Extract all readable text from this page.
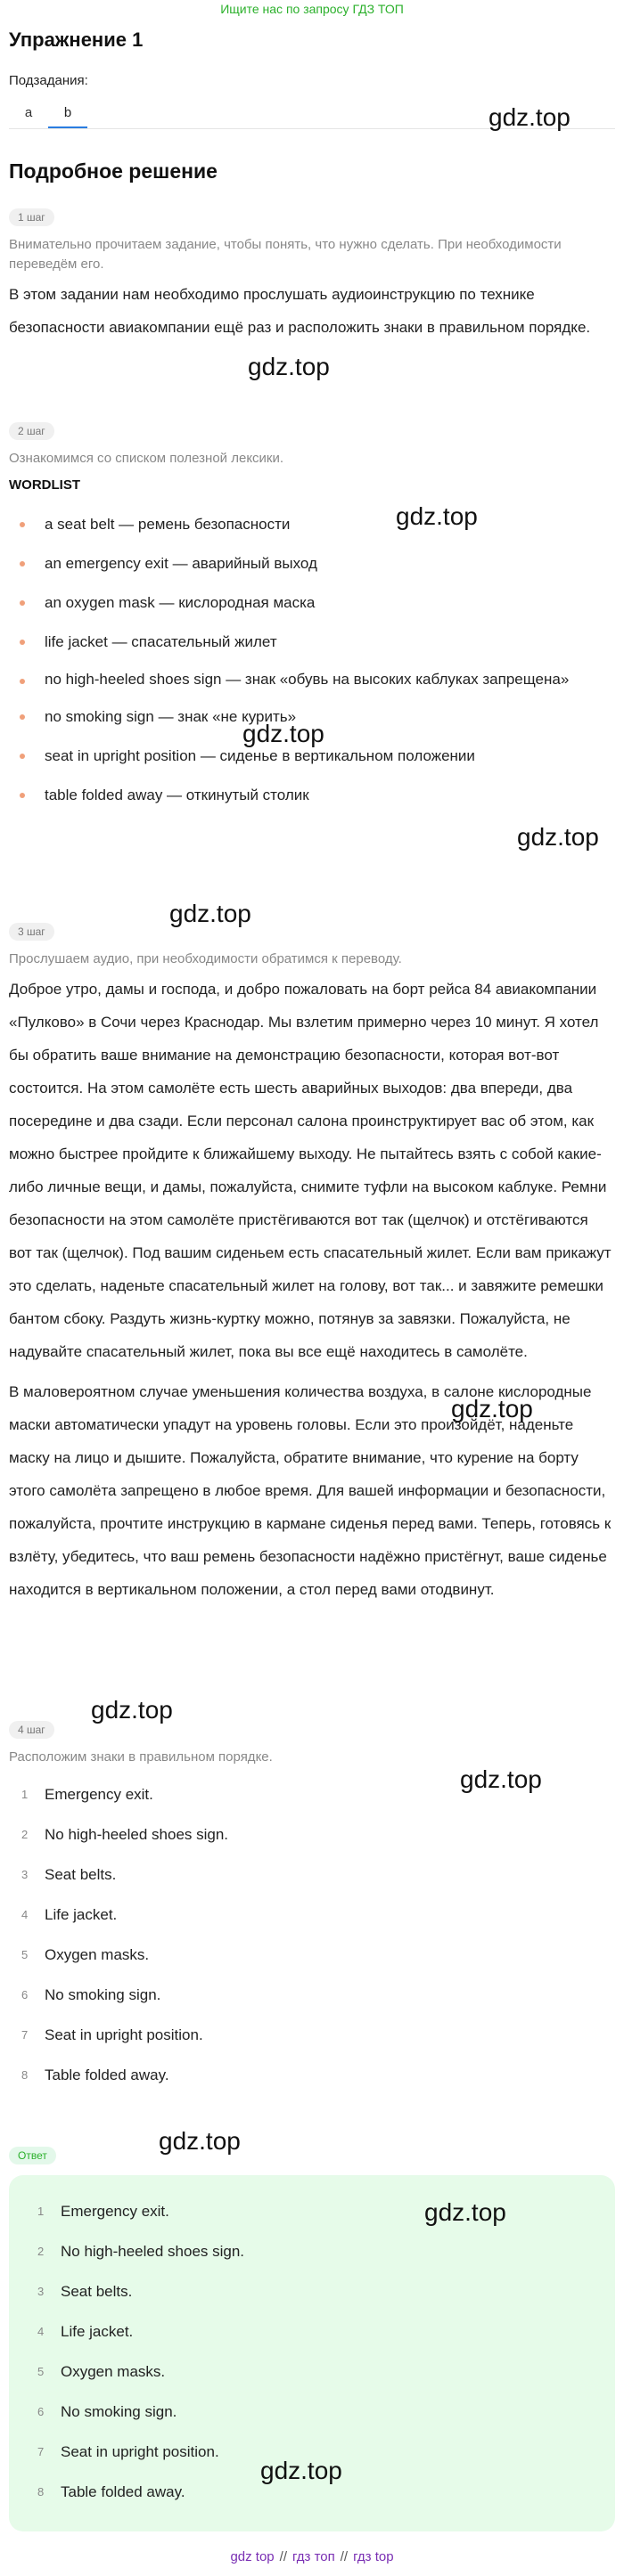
Ищите нас по запросу ГДЗ ТОП
Упражнение 1
Подзадания:
a	b
Подробное решение
1 шаг

Внимательно прочитаем задание, чтобы понять, что нужно сделать. При необходимости переведём его.

В этом задании нам необходимо прослушать аудиоинструкцию по технике безопасности авиакомпании ещё раз и расположить знаки в правильном порядке.

2 шаг

Ознакомимся со списком полезной лексики.

WORDLIST

a seat belt — ремень безопасности
an emergency exit — аварийный выход
an oxygen mask — кислородная маска
life jacket — спасательный жилет
no high-heeled shoes sign — знак «обувь на высоких каблуках запрещена»
no smoking sign — знак «не курить»
seat in upright position — сиденье в вертикальном положении
table folded away — откинутый столик
3 шаг

Прослушаем аудио, при необходимости обратимся к переводу.

Доброе утро, дамы и господа, и добро пожаловать на борт рейса 84 авиакомпании «Пулково» в Сочи через Краснодар. Мы взлетим примерно через 10 минут. Я хотел бы обратить ваше внимание на демонстрацию безопасности, которая вот-вот состоится. На этом самолёте есть шесть аварийных выходов: два впереди, два посередине и два сзади. Если персонал салона проинструктирует вас об этом, как можно быстрее пройдите к ближайшему выходу. Не пытайтесь взять с собой какие-либо личные вещи, и дамы, пожалуйста, снимите туфли на высоком каблуке. Ремни безопасности на этом самолёте пристёгиваются вот так (щелчок) и отстёгиваются вот так (щелчок). Под вашим сиденьем есть спасательный жилет. Если вам прикажут это сделать, наденьте спасательный жилет на голову, вот так... и завяжите ремешки бантом сбоку. Раздуть жизнь-куртку можно, потянув за завязки. Пожалуйста, не надувайте спасательный жилет, пока вы все ещё находитесь в самолёте.

В маловероятном случае уменьшения количества воздуха, в салоне кислородные маски автоматически упадут на уровень головы. Если это произойдёт, наденьте маску на лицо и дышите. Пожалуйста, обратите внимание, что курение на борту этого самолёта запрещено в любое время. Для вашей информации и безопасности, пожалуйста, прочтите инструкцию в кармане сиденья перед вами. Теперь, готовясь к взлёту, убедитесь, что ваш ремень безопасности надёжно пристёгнут, ваше сиденье находится в вертикальном положении, а стол перед вами отодвинут.

4 шаг

Расположим знаки в правильном порядке.

1 Emergency exit.
2 No high-heeled shoes sign.
3 Seat belts.
4 Life jacket.
5 Oxygen masks.
6 No smoking sign.
7 Seat in upright position.
8 Table folded away.
Ответ
1 Emergency exit.
2 No high-heeled shoes sign.
3 Seat belts.
4 Life jacket.
5 Oxygen masks.
6 No smoking sign.
7 Seat in upright position.
8 Table folded away.
gdz.top
gdz.top
gdz.top
gdz.top
gdz.top
gdz.top
gdz.top
gdz.top
gdz.top
gdz.top
gdz.top
gdz.top
gdz top // гдз топ // гдз top
